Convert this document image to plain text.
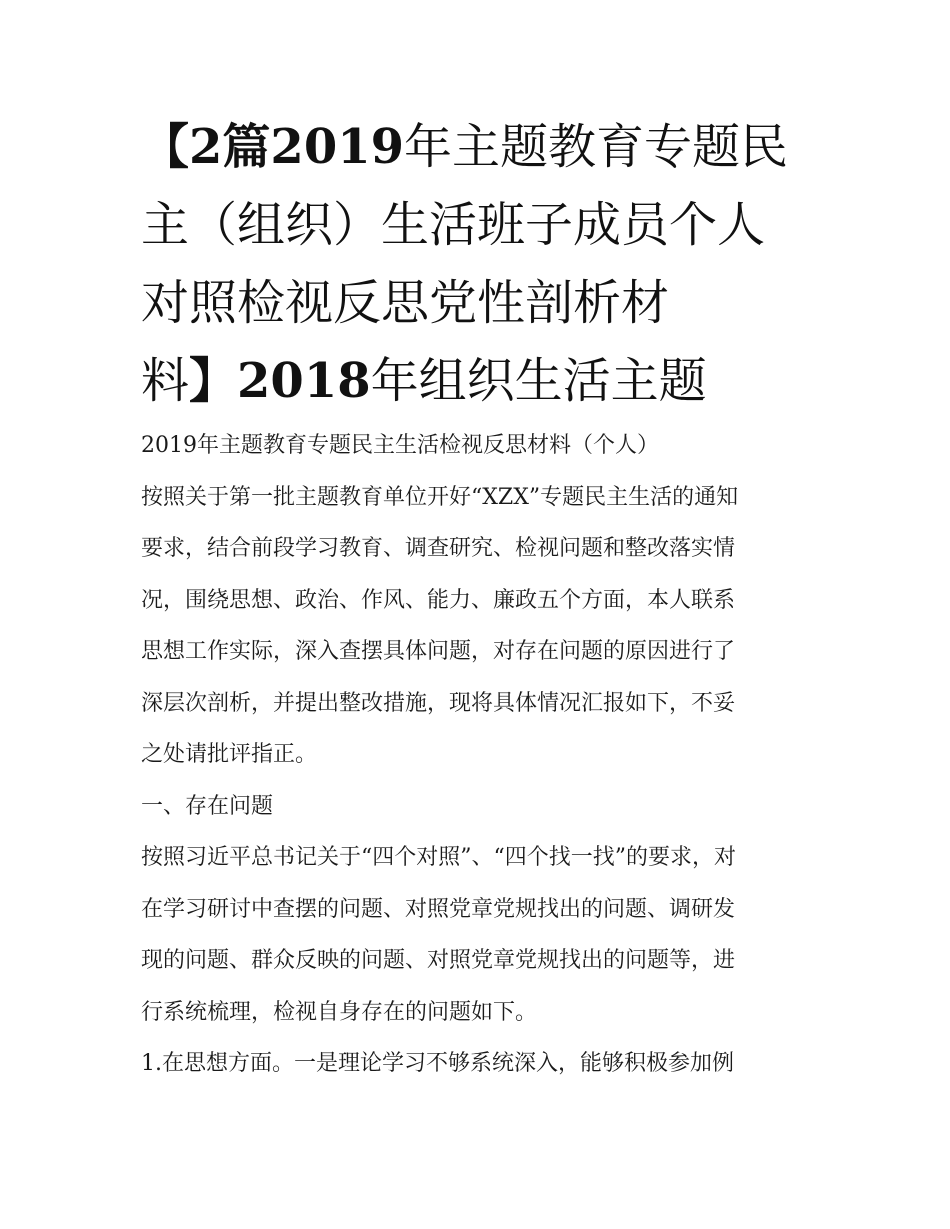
【2篇2019年主题教育专题民
主（组织）生活班子成员个人
对照检视反思党性剖析材
料】2018年组织生活主题

2019年主题教育专题民主生活检视反思材料（个人）

按照关于第一批主题教育单位开好“XZX”专题民主生活的通知

要求，结合前段学习教育、调查研究、检视问题和整改落实情

况，围绕思想、政治、作风、能力、廉政五个方面，本人联系

思想工作实际，深入查摆具体问题，对存在问题的原因进行了

深层次剖析，并提出整改措施，现将具体情况汇报如下，不妥

之处请批评指正。

一、存在问题

按照习近平总书记关于“四个对照”、“四个找一找”的要求，对

在学习研讨中查摆的问题、对照党章党规找出的问题、调研发

现的问题、群众反映的问题、对照党章党规找出的问题等，进

行系统梳理，检视自身存在的问题如下。

1.在思想方面。一是理论学习不够系统深入，能够积极参加例
